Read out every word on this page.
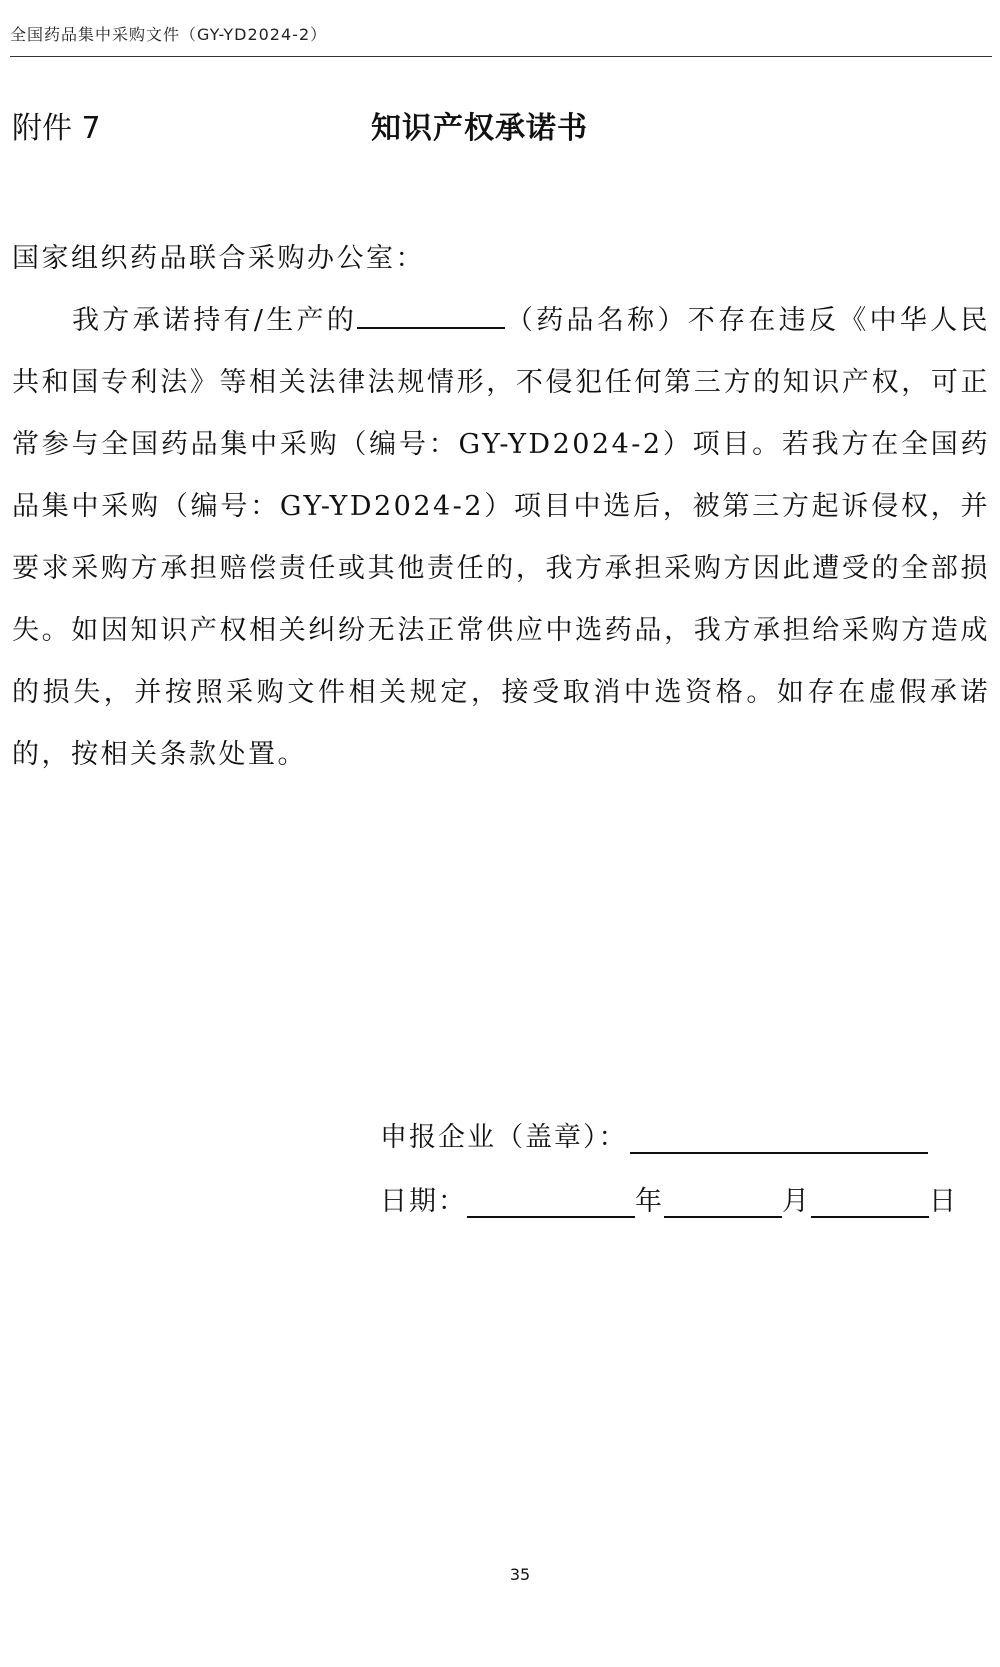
全国药品集中采购文件（GY-YD2024-2）
附件 7	知识产权承诺书
国家组织药品联合采购办公室：

我方承诺持有/生产的	（药品名称）不存在违反《中华人民共和国专利法》等相关法律法规情形，不侵犯任何第三方的知识产权，可正常参与全国药品集中采购（编号：GY-YD2024-2）项目。若我方在全国药品集中采购（编号：GY-YD2024-2）项目中选后，被第三方起诉侵权，并要求采购方承担赔偿责任或其他责任的，我方承担采购方因此遭受的全部损失。如因知识产权相关纠纷无法正常供应中选药品，我方承担给采购方造成的损失，并按照采购文件相关规定，接受取消中选资格。如存在虚假承诺的，按相关条款处置。

申报企业（盖章）：
日期：	年	月	日
35
